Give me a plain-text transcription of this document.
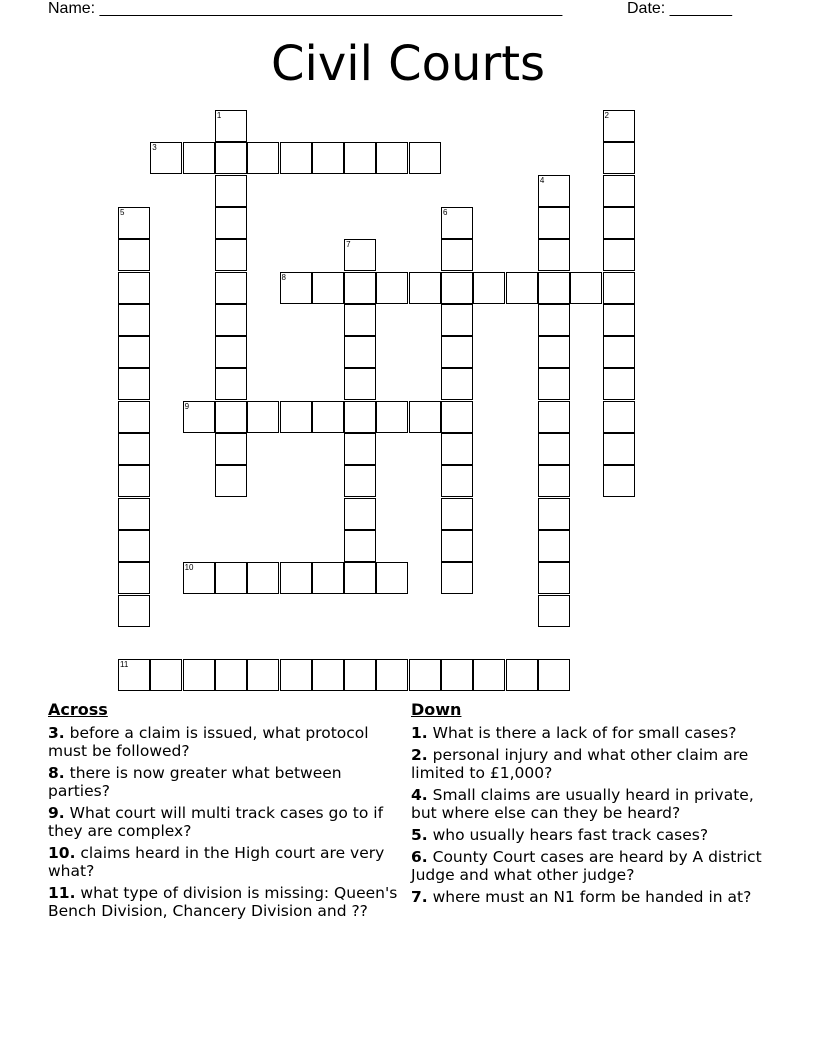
Name: ____________________________________________________	Date: _______
Civil Courts
1	2
3
4
5	6
7
8
9
10
11
Across
3. before a claim is issued, what protocol must be followed?
8. there is now greater what between parties?
9. What court will multi track cases go to if they are complex?
10. claims heard in the High court are very what?
11. what type of division is missing: Queen's Bench Division, Chancery Division and ??
Down
1. What is there a lack of for small cases?
2. personal injury and what other claim are limited to £1,000?
4. Small claims are usually heard in private, but where else can they be heard?
5. who usually hears fast track cases?
6. County Court cases are heard by A district Judge and what other judge?
7. where must an N1 form be handed in at?
